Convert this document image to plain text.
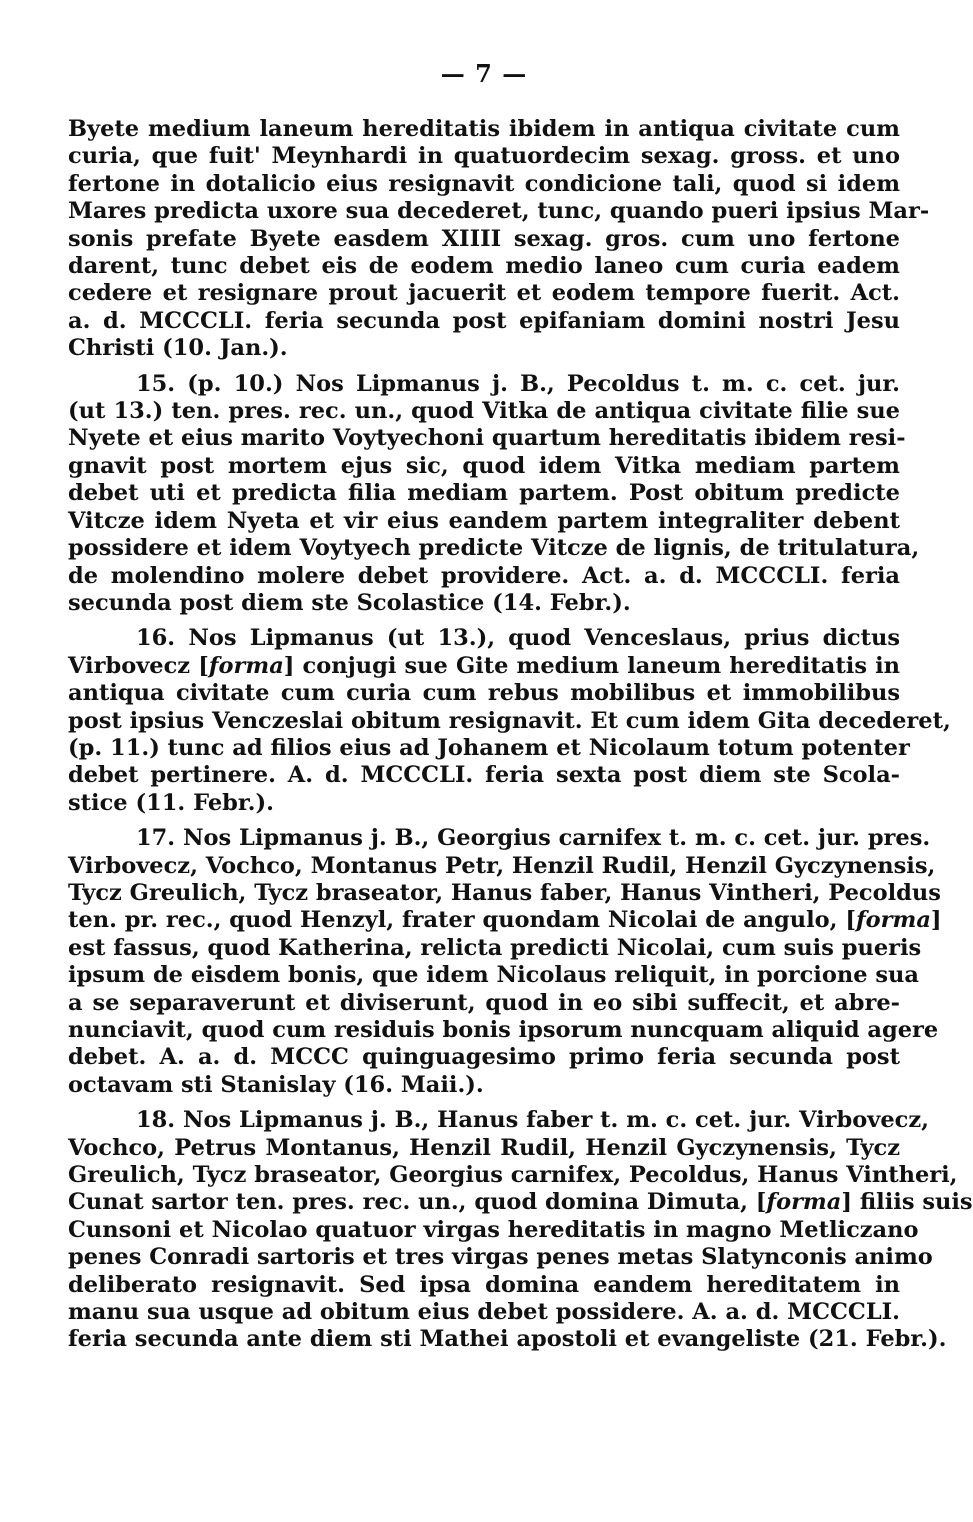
— 7 —
Byete medium laneum hereditatis ibidem in antiqua civitate cum
curia, que fuit' Meynhardi in quatuordecim sexag. gross. et uno
fertone in dotalicio eius resignavit condicione tali, quod si idem
Mares predicta uxore sua decederet, tunc, quando pueri ipsius Mar-
sonis prefate Byete easdem XIIII sexag. gros. cum uno fertone
darent, tunc debet eis de eodem medio laneo cum curia eadem
cedere et resignare prout jacuerit et eodem tempore fuerit. Act.
a. d. MCCCLI. feria secunda post epifaniam domini nostri Jesu
Christi (10. Jan.).
15. (p. 10.) Nos Lipmanus j. B., Pecoldus t. m. c. cet. jur.
(ut 13.) ten. pres. rec. un., quod Vitka de antiqua civitate filie sue
Nyete et eius marito Voytyechoni quartum hereditatis ibidem resi-
gnavit post mortem ejus sic, quod idem Vitka mediam partem
debet uti et predicta filia mediam partem. Post obitum predicte
Vitcze idem Nyeta et vir eius eandem partem integraliter debent
possidere et idem Voytyech predicte Vitcze de lignis, de tritulatura,
de molendino molere debet providere. Act. a. d. MCCCLI. feria
secunda post diem ste Scolastice (14. Febr.).
16. Nos Lipmanus (ut 13.), quod Venceslaus, prius dictus
Virbovecz [forma] conjugi sue Gite medium laneum hereditatis in
antiqua civitate cum curia cum rebus mobilibus et immobilibus
post ipsius Venczeslai obitum resignavit. Et cum idem Gita decederet,
(p. 11.) tunc ad filios eius ad Johanem et Nicolaum totum potenter
debet pertinere. A. d. MCCCLI. feria sexta post diem ste Scola-
stice (11. Febr.).
17. Nos Lipmanus j. B., Georgius carnifex t. m. c. cet. jur. pres.
Virbovecz, Vochco, Montanus Petr, Henzil Rudil, Henzil Gyczynensis,
Tycz Greulich, Tycz braseator, Hanus faber, Hanus Vintheri, Pecoldus
ten. pr. rec., quod Henzyl, frater quondam Nicolai de angulo, [forma]
est fassus, quod Katherina, relicta predicti Nicolai, cum suis pueris
ipsum de eisdem bonis, que idem Nicolaus reliquit, in porcione sua
a se separaverunt et diviserunt, quod in eo sibi suffecit, et abre-
nunciavit, quod cum residuis bonis ipsorum nuncquam aliquid agere
debet. A. a. d. MCCC quinguagesimo primo feria secunda post
octavam sti Stanislay (16. Maii.).
18. Nos Lipmanus j. B., Hanus faber t. m. c. cet. jur. Virbovecz,
Vochco, Petrus Montanus, Henzil Rudil, Henzil Gyczynensis, Tycz
Greulich, Tycz braseator, Georgius carnifex, Pecoldus, Hanus Vintheri,
Cunat sartor ten. pres. rec. un., quod domina Dimuta, [forma] filiis suis
Cunsoni et Nicolao quatuor virgas hereditatis in magno Metliczano
penes Conradi sartoris et tres virgas penes metas Slatynconis animo
deliberato resignavit. Sed ipsa domina eandem hereditatem in
manu sua usque ad obitum eius debet possidere. A. a. d. MCCCLI.
feria secunda ante diem sti Mathei apostoli et evangeliste (21. Febr.).
